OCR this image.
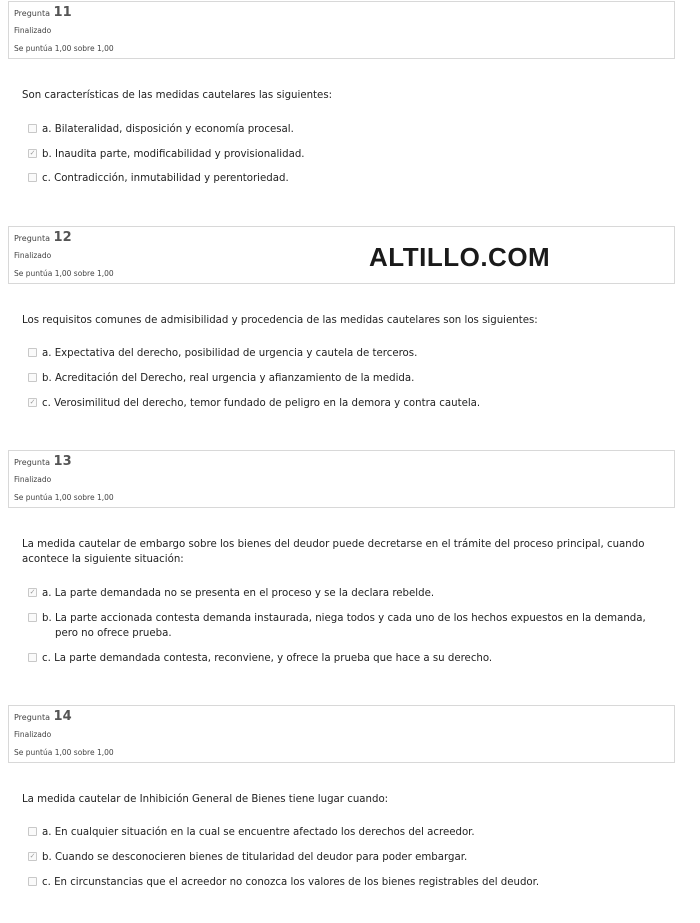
Pregunta 11
Finalizado
Se puntúa 1,00 sobre 1,00
Son características de las medidas cautelares las siguientes:
a. Bilateralidad, disposición y economía procesal.
✓ b. Inaudita parte, modificabilidad y provisionalidad.
c. Contradicción, inmutabilidad y perentoriedad.
Pregunta 12
Finalizado
Se puntúa 1,00 sobre 1,00
ALTILLO.COM
Los requisitos comunes de admisibilidad y procedencia de las medidas cautelares son los siguientes:
a. Expectativa del derecho, posibilidad de urgencia y cautela de terceros.
b. Acreditación del Derecho, real urgencia y afianzamiento de la medida.
✓ c. Verosimilitud del derecho, temor fundado de peligro en la demora y contra cautela.
Pregunta 13
Finalizado
Se puntúa 1,00 sobre 1,00
La medida cautelar de embargo sobre los bienes del deudor puede decretarse en el trámite del proceso principal, cuando
acontece la siguiente situación:
✓ a. La parte demandada no se presenta en el proceso y se la declara rebelde.
b. La parte accionada contesta demanda instaurada, niega todos y cada uno de los hechos expuestos en la demanda,
pero no ofrece prueba.
c. La parte demandada contesta, reconviene, y ofrece la prueba que hace a su derecho.
Pregunta 14
Finalizado
Se puntúa 1,00 sobre 1,00
La medida cautelar de Inhibición General de Bienes tiene lugar cuando:
a. En cualquier situación en la cual se encuentre afectado los derechos del acreedor.
✓ b. Cuando se desconocieren bienes de titularidad del deudor para poder embargar.
c. En circunstancias que el acreedor no conozca los valores de los bienes registrables del deudor.
